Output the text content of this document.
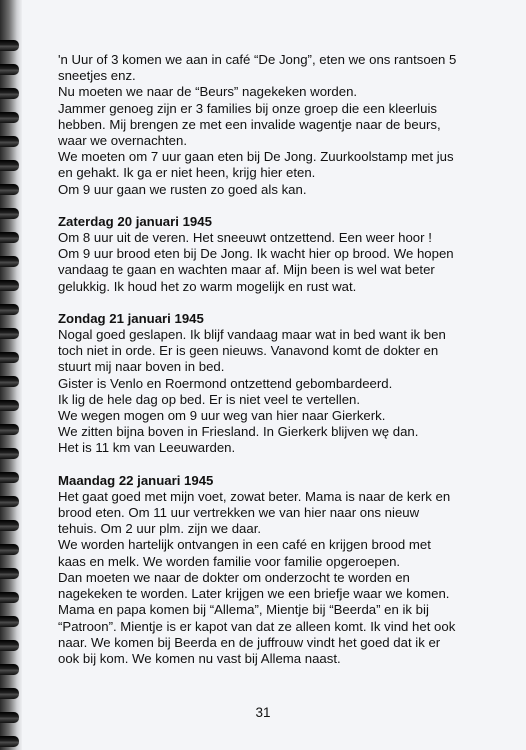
'n Uur of 3 komen we aan in café “De Jong”, eten we ons rantsoen 5

sneetjes enz.

Nu moeten we naar de “Beurs” nagekeken worden.

Jammer genoeg zijn er 3 families bij onze groep die een kleerluis

hebben. Mij brengen ze met een invalide wagentje naar de beurs,

waar we overnachten.

We moeten om 7 uur gaan eten bij De Jong. Zuurkoolstamp met jus

en gehakt. Ik ga er niet heen, krijg hier eten.

Om 9 uur gaan we rusten zo goed als kan.

Zaterdag 20 januari 1945

Om 8 uur uit de veren. Het sneeuwt ontzettend. Een weer hoor !

Om 9 uur brood eten bij De Jong. Ik wacht hier op brood. We hopen

vandaag te gaan en wachten maar af. Mijn been is wel wat beter

gelukkig. Ik houd het zo warm mogelijk en rust wat.

Zondag 21 januari 1945

Nogal goed geslapen. Ik blijf vandaag maar wat in bed want ik ben

toch niet in orde. Er is geen nieuws. Vanavond komt de dokter en

stuurt mij naar boven in bed.

Gister is Venlo en Roermond ontzettend gebombardeerd.

Ik lig de hele dag op bed. Er is niet veel te vertellen.

We wegen mogen om 9 uur weg van hier naar Gierkerk.

We zitten bijna boven in Friesland. In Gierkerk blijven wę dan.

Het is 11 km van Leeuwarden.

Maandag 22 januari 1945

Het gaat goed met mijn voet, zowat beter. Mama is naar de kerk en

brood eten. Om 11 uur vertrekken we van hier naar ons nieuw

tehuis. Om 2 uur plm. zijn we daar.

We worden hartelijk ontvangen in een café en krijgen brood met

kaas en melk. We worden familie voor familie opgeroepen.

Dan moeten we naar de dokter om onderzocht te worden en

nagekeken te worden. Later krijgen we een briefje waar we komen.

Mama en papa komen bij “Allema”, Mientje bij “Beerda” en ik bij

“Patroon”. Mientje is er kapot van dat ze alleen komt. Ik vind het ook

naar. We komen bij Beerda en de juffrouw vindt het goed dat ik er

ook bij kom. We komen nu vast bij Allema naast.

31
